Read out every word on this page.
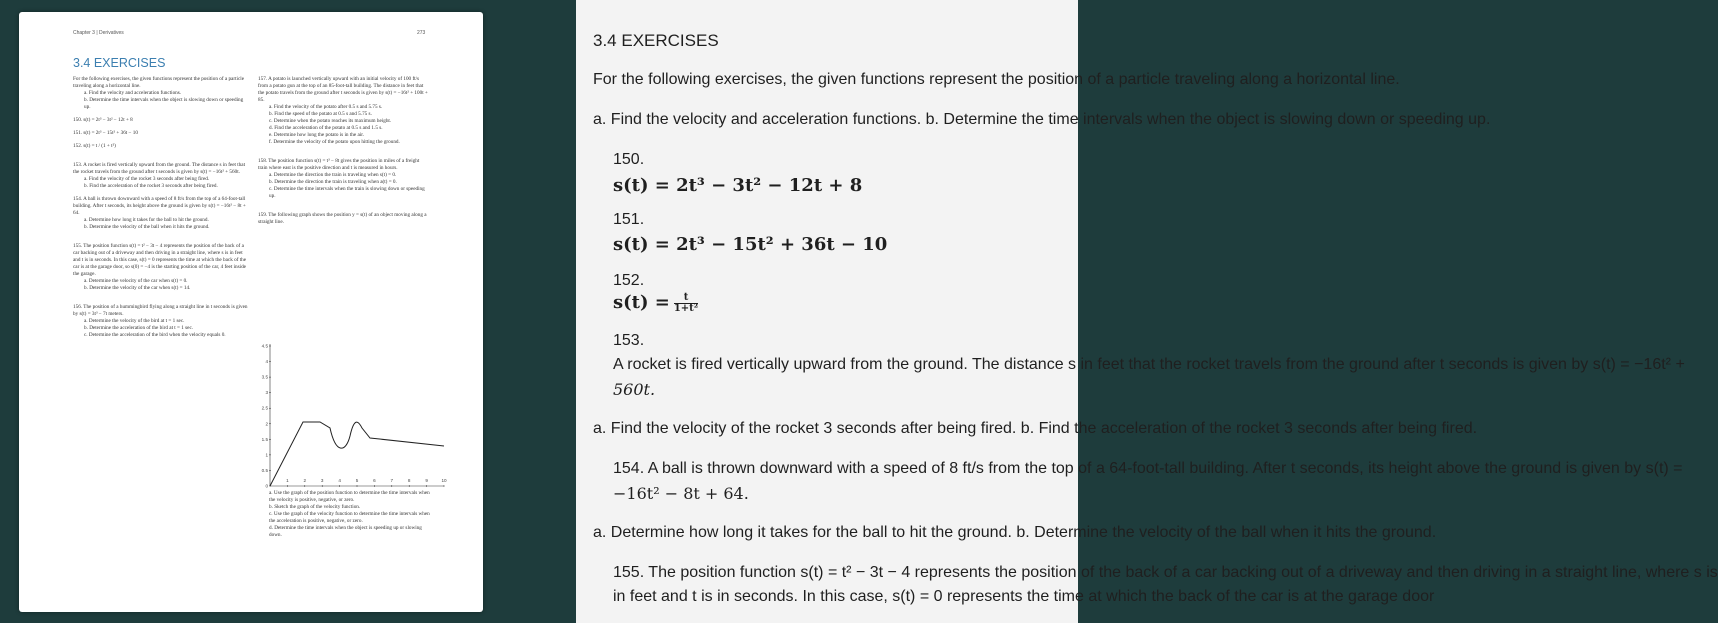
Chapter 3 | Derivatives	273
3.4 EXERCISES

For the following exercises, the given functions represent the position of a particle traveling along a horizontal line.

a. Find the velocity and acceleration functions.

b. Determine the time intervals when the object is slowing down or speeding up.

150. s(t) = 2t³ − 3t² − 12t + 8

151. s(t) = 2t³ − 15t² + 36t − 10

152. s(t) = t / (1 + t²)

153. A rocket is fired vertically upward from the ground. The distance s in feet that the rocket travels from the ground after t seconds is given by s(t) = −16t² + 560t.

a. Find the velocity of the rocket 3 seconds after being fired.

b. Find the acceleration of the rocket 3 seconds after being fired.

154. A ball is thrown downward with a speed of 8 ft/s from the top of a 64-foot-tall building. After t seconds, its height above the ground is given by s(t) = −16t² − 8t + 64.

a. Determine how long it takes for the ball to hit the ground.

b. Determine the velocity of the ball when it hits the ground.

155. The position function s(t) = t² − 3t − 4 represents the position of the back of a car backing out of a driveway and then driving in a straight line, where s is in feet and t is in seconds. In this case, s(t) = 0 represents the time at which the back of the car is at the garage door, so s(0) = −4 is the starting position of the car, 4 feet inside the garage.

a. Determine the velocity of the car when s(t) = 0.

b. Determine the velocity of the car when s(t) = 14.

156. The position of a hummingbird flying along a straight line in t seconds is given by s(t) = 3t³ − 7t meters.

a. Determine the velocity of the bird at t = 1 sec.

b. Determine the acceleration of the bird at t = 1 sec.

c. Determine the acceleration of the bird when the velocity equals 0.

157. A potato is launched vertically upward with an initial velocity of 100 ft/s from a potato gun at the top of an 85-foot-tall building. The distance in feet that the potato travels from the ground after t seconds is given by s(t) = −16t² + 100t + 85.

a. Find the velocity of the potato after 0.5 s and 5.75 s.

b. Find the speed of the potato at 0.5 s and 5.75 s.

c. Determine when the potato reaches its maximum height.

d. Find the acceleration of the potato at 0.5 s and 1.5 s.

e. Determine how long the potato is in the air.

f. Determine the velocity of the potato upon hitting the ground.

158. The position function s(t) = t³ − 8t gives the position in miles of a freight train where east is the positive direction and t is measured in hours.

a. Determine the direction the train is traveling when s(t) = 0.

b. Determine the direction the train is traveling when a(t) = 0.

c. Determine the time intervals when the train is slowing down or speeding up.

159. The following graph shows the position y = s(t) of an object moving along a straight line.

4.5
4
3.5
3
2.5
2
1.5
1
0.5
0
1	2	3	4	5	6	7	8	9	10

a. Use the graph of the position function to determine the time intervals when the velocity is positive, negative, or zero.

b. Sketch the graph of the velocity function.

c. Use the graph of the velocity function to determine the time intervals when the acceleration is positive, negative, or zero.

d. Determine the time intervals when the object is speeding up or slowing down.

3.4 EXERCISES
For the following exercises, the given functions represent the position of a particle traveling along a horizontal line.
a. Find the velocity and acceleration functions. b. Determine the time intervals when the object is slowing down or speeding up.
150.
s(t) = 2t³ − 3t² − 12t + 8
151.
s(t) = 2t³ − 15t² + 36t − 10
152.
$s(t) = \frac{t}{\text{1+t²}}$
153.
A rocket is fired vertically upward from the ground. The distance s in feet that the rocket travels from the ground after t seconds is given by s(t) = −16t² +
560t.
a. Find the velocity of the rocket 3 seconds after being fired. b. Find the acceleration of the rocket 3 seconds after being fired.
154. A ball is thrown downward with a speed of 8 ft/s from the top of a 64-foot-tall building. After t seconds, its height above the ground is given by s(t) =
−16t² − 8t + 64.
a. Determine how long it takes for the ball to hit the ground. b. Determine the velocity of the ball when it hits the ground.
155. The position function s(t) = t² − 3t − 4 represents the position of the back of a car backing out of a driveway and then driving in a straight line, where s is
in feet and t is in seconds. In this case, s(t) = 0 represents the time at which the back of the car is at the garage door
